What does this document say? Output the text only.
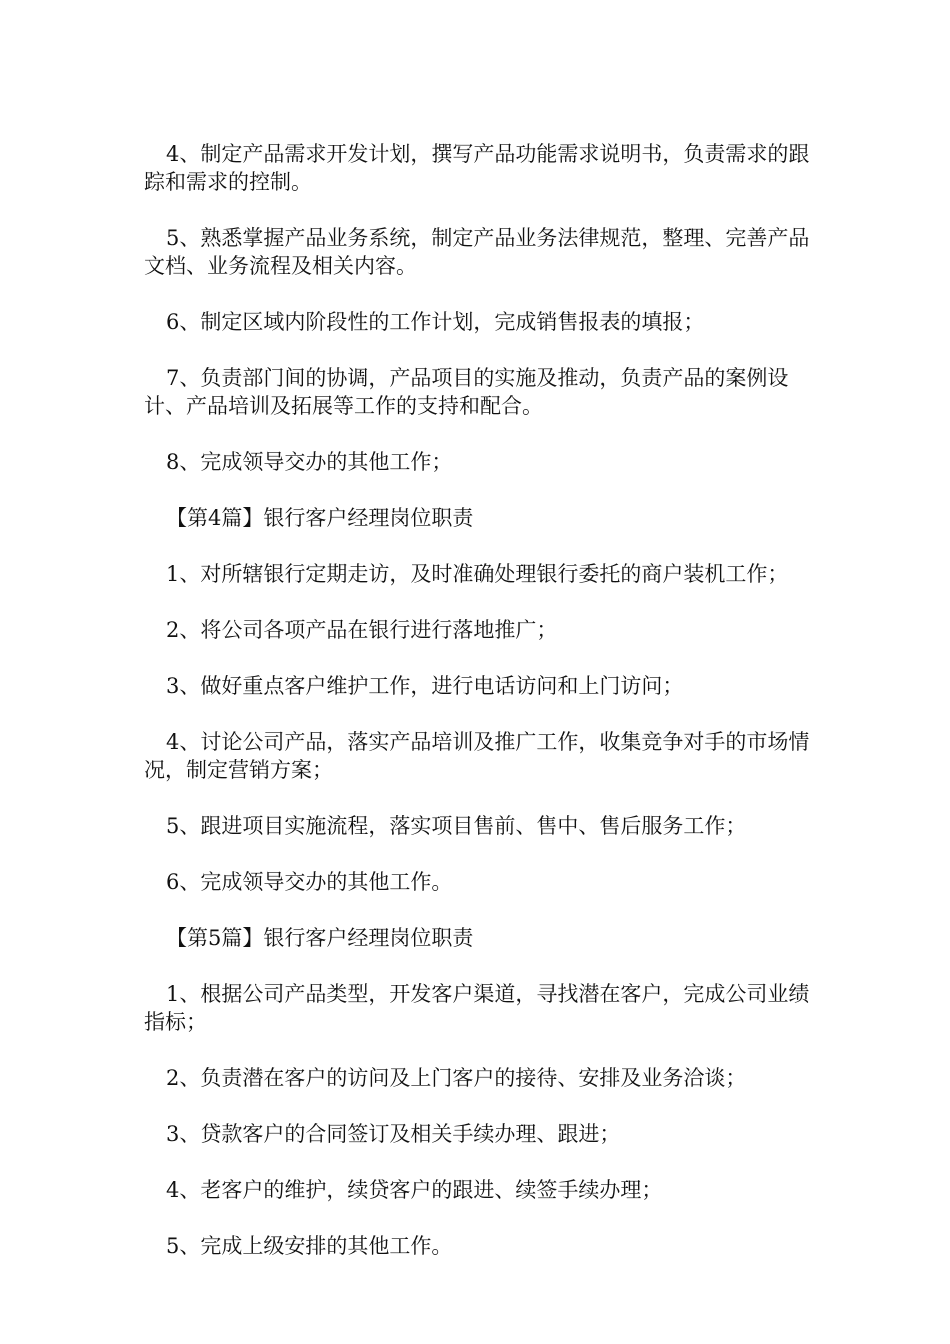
4、制定产品需求开发计划，撰写产品功能需求说明书，负责需求的跟踪和需求的控制。

5、熟悉掌握产品业务系统，制定产品业务法律规范，整理、完善产品文档、业务流程及相关内容。

6、制定区域内阶段性的工作计划，完成销售报表的填报；

7、负责部门间的协调，产品项目的实施及推动，负责产品的案例设计、产品培训及拓展等工作的支持和配合。

8、完成领导交办的其他工作；

【第4篇】银行客户经理岗位职责

1、对所辖银行定期走访，及时准确处理银行委托的商户装机工作；

2、将公司各项产品在银行进行落地推广；

3、做好重点客户维护工作，进行电话访问和上门访问；

4、讨论公司产品，落实产品培训及推广工作，收集竞争对手的市场情况，制定营销方案；

5、跟进项目实施流程，落实项目售前、售中、售后服务工作；

6、完成领导交办的其他工作。

【第5篇】银行客户经理岗位职责

1、根据公司产品类型，开发客户渠道，寻找潜在客户，完成公司业绩指标；

2、负责潜在客户的访问及上门客户的接待、安排及业务洽谈；

3、贷款客户的合同签订及相关手续办理、跟进；

4、老客户的维护，续贷客户的跟进、续签手续办理；

5、完成上级安排的其他工作。
